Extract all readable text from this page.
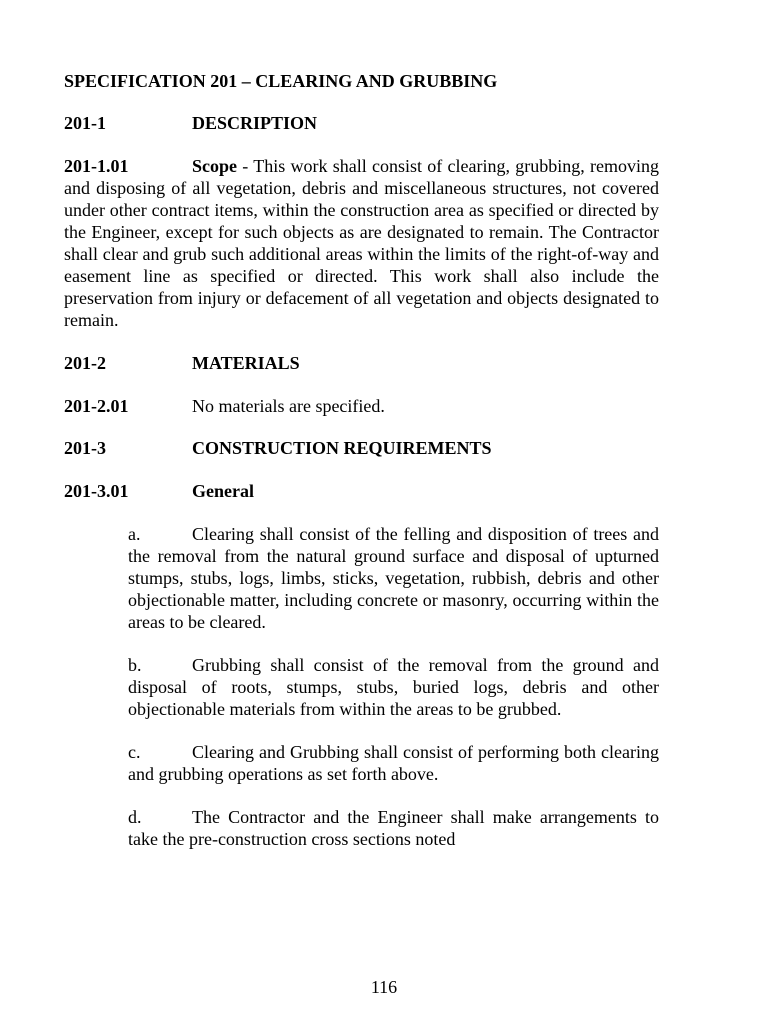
SPECIFICATION 201 – CLEARING AND GRUBBING
201-1	DESCRIPTION
201-1.01	Scope - This work shall consist of clearing, grubbing, removing and disposing of all vegetation, debris and miscellaneous structures, not covered under other contract items, within the construction area as specified or directed by the Engineer, except for such objects as are designated to remain. The Contractor shall clear and grub such additional areas within the limits of the right-of-way and easement line as specified or directed. This work shall also include the preservation from injury or defacement of all vegetation and objects designated to remain.
201-2	MATERIALS
201-2.01	No materials are specified.
201-3	CONSTRUCTION REQUIREMENTS
201-3.01	General
a.	Clearing shall consist of the felling and disposition of trees and the removal from the natural ground surface and disposal of upturned stumps, stubs, logs, limbs, sticks, vegetation, rubbish, debris and other objectionable matter, including concrete or masonry, occurring within the areas to be cleared.
b.	Grubbing shall consist of the removal from the ground and disposal of roots, stumps, stubs, buried logs, debris and other objectionable materials from within the areas to be grubbed.
c.	Clearing and Grubbing shall consist of performing both clearing and grubbing operations as set forth above.
d.	The Contractor and the Engineer shall make arrangements to take the pre-construction cross sections noted
116
